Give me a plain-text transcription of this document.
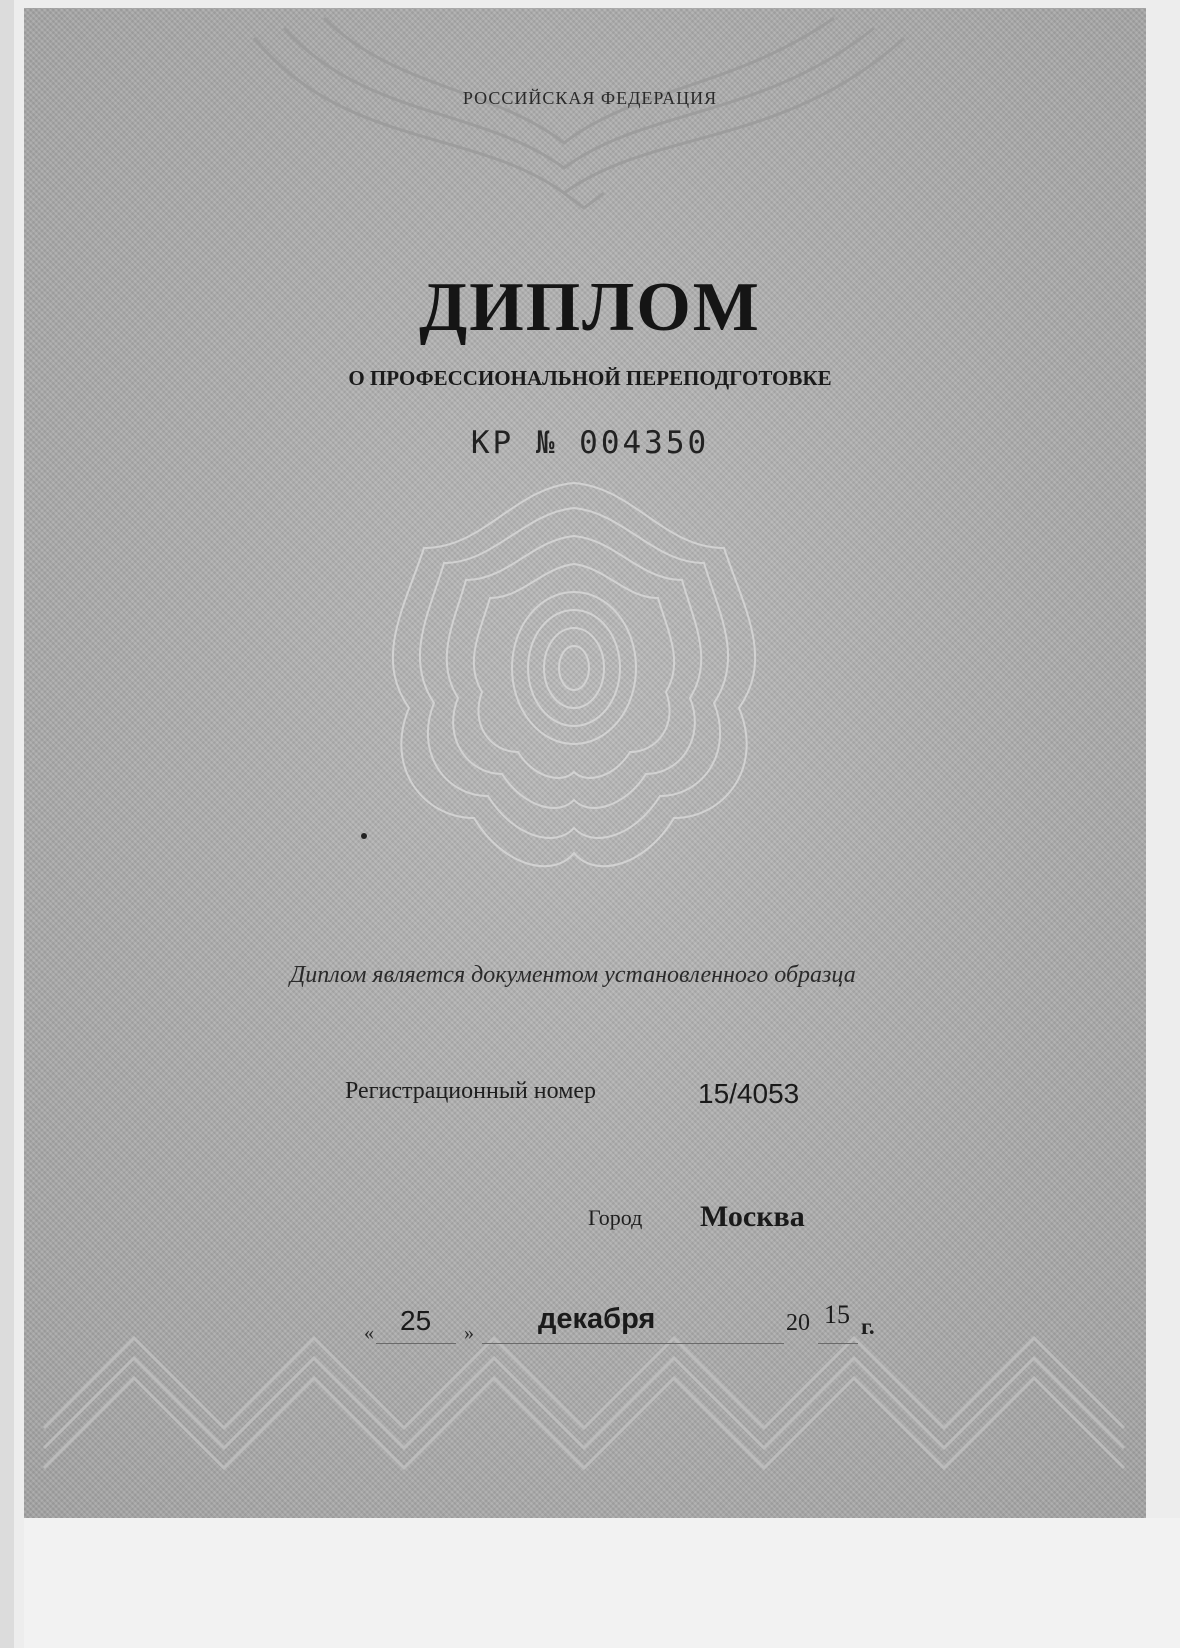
РОССИЙСКАЯ ФЕДЕРАЦИЯ
ДИПЛОМ
О ПРОФЕССИОНАЛЬНОЙ ПЕРЕПОДГОТОВКЕ
КР № 004350
Диплом является документом установленного образца
Регистрационный номер	15/4053
Город Москва
« 25 » декабря	20 15 г.
